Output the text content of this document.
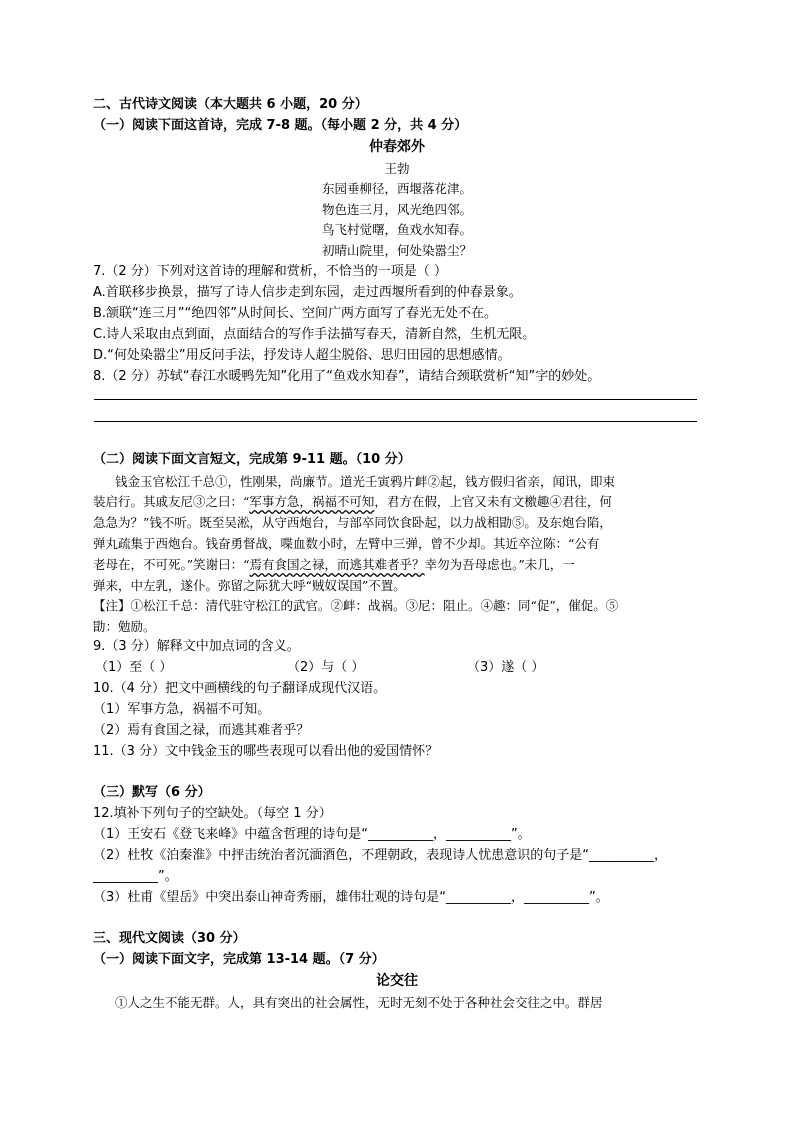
二、古代诗文阅读（本大题共 6 小题，20 分）
（一）阅读下面这首诗，完成 7-8 题。（每小题 2 分，共 4 分）
仲春郊外
王勃
东园垂柳径，西堰落花津。
物色连三月，风光绝四邻。
鸟飞村觉曙，鱼戏水知春。
初晴山院里，何处染嚣尘？
7.（2 分）下列对这首诗的理解和赏析，不恰当的一项是（ ）
A.首联移步换景，描写了诗人信步走到东园，走过西堰所看到的仲春景象。
B.颔联“连三月”“绝四邻”从时间长、空间广两方面写了春光无处不在。
C.诗人采取由点到面，点面结合的写作手法描写春天，清新自然，生机无限。
D.“何处染嚣尘”用反问手法，抒发诗人超尘脱俗、思归田园的思想感情。
8.（2 分）苏轼“春江水暖鸭先知”化用了“鱼戏水知春”，请结合颈联赏析“知”字的妙处。
（二）阅读下面文言短文，完成第 9-11 题。（10 分）
钱金玉官松江千总①，性刚果，尚廉节。道光壬寅鸦片衅②起，钱方假归省亲，闻讯，即束
装启行。其戚友尼③之曰：“军事方急，祸福不可知，君方在假，上官又未有文檄趣④君往，何
急急为？”钱不听。既至吴淞，从守西炮台，与部卒同饮食卧起，以力战相勖⑤。及东炮台陷，
弹丸疏集于西炮台。钱奋勇督战，喋血数小时，左臂中三弹，曾不少却。其近卒泣陈：“公有
老母在，不可死。”笑谢曰：“焉有食国之禄，而逃其难者乎？幸勿为吾母虑也。”未几，一
弹来，中左乳，遂仆。弥留之际犹大呼“贼奴误国”不置。
【注】①松江千总：清代驻守松江的武官。②衅：战祸。③尼：阻止。④趣：同“促”，催促。⑤
勖：勉励。
9.（3 分）解释文中加点词的含义。
（1）至（ ）	（2）与（ ）	（3）遂（ ）
10.（4 分）把文中画横线的句子翻译成现代汉语。
（1）军事方急，祸福不可知。
（2）焉有食国之禄，而逃其难者乎？
11.（3 分）文中钱金玉的哪些表现可以看出他的爱国情怀？
（三）默写（6 分）
12.填补下列句子的空缺处。（每空 1 分）
（1）王安石《登飞来峰》中蕴含哲理的诗句是“__________，__________”。
（2）杜牧《泊秦淮》中抨击统治者沉湎酒色，不理朝政，表现诗人忧患意识的句子是“__________，
__________”。
（3）杜甫《望岳》中突出泰山神奇秀丽，雄伟壮观的诗句是“__________，__________”。
三、现代文阅读（30 分）
（一）阅读下面文字，完成第 13-14 题。（7 分）
论交往
①人之生不能无群。人，具有突出的社会属性，无时无刻不处于各种社会交往之中。群居
